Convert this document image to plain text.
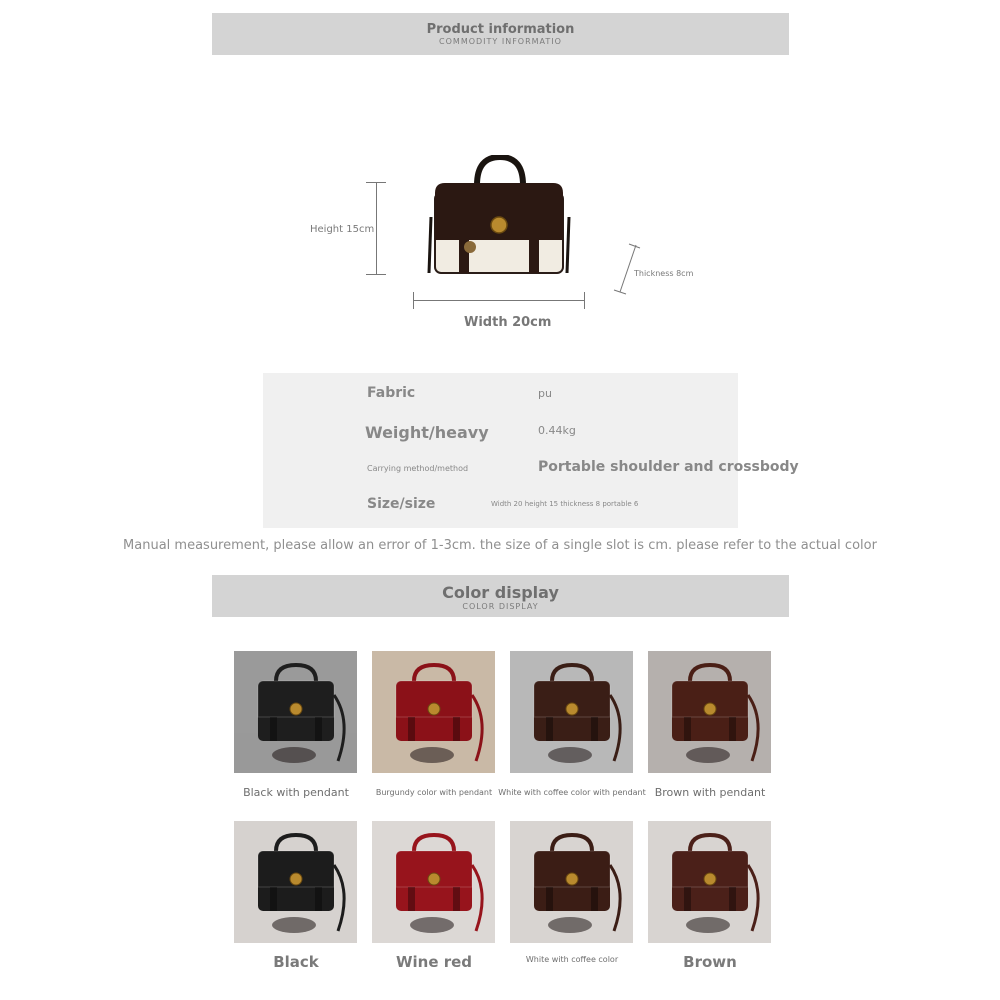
Product information
COMMODITY INFORMATIO
Height 15cm
Width 20cm
Thickness 8cm
Fabric	pu
Weight/heavy	0.44kg
Carrying method/method	Portable shoulder and crossbody
Size/size	Width 20 height 15 thickness 8 portable 6
Manual measurement, please allow an error of 1-3cm. the size of a single slot is cm. please refer to the actual color
Color display
COLOR DISPLAY
Black with pendant	Burgundy color with pendant White with coffee color with pendant Brown with pendant
Black	Wine red	White with coffee color	Brown
